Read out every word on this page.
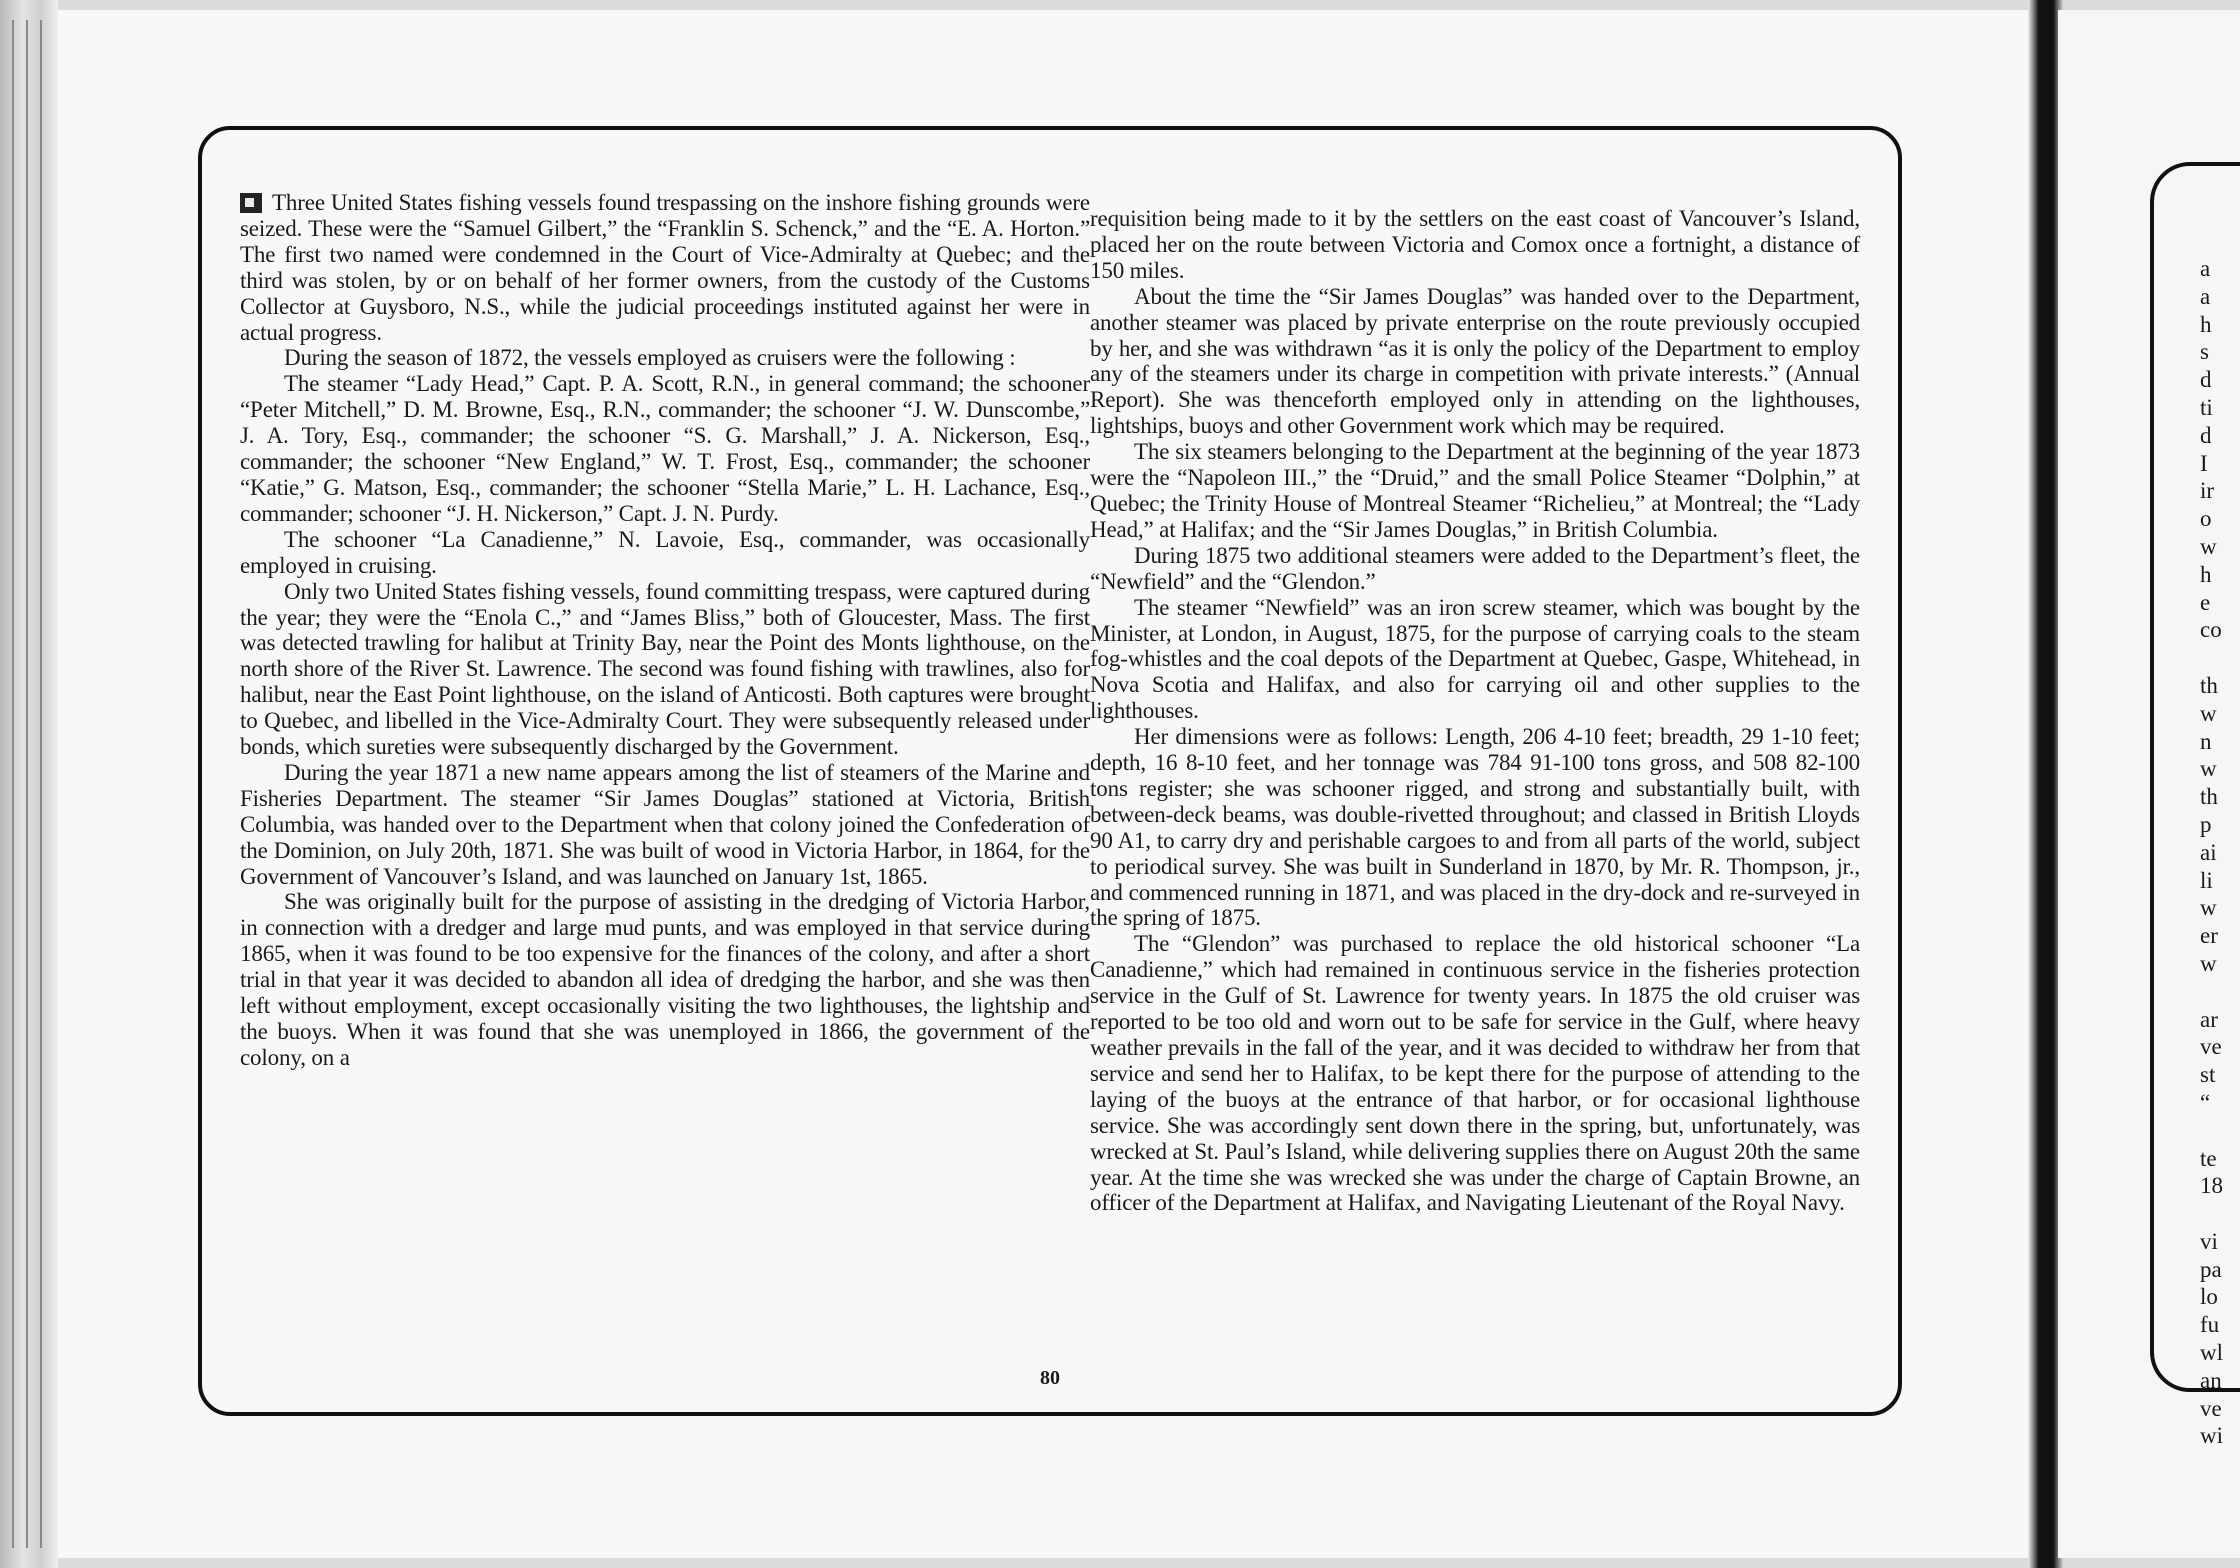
Three United States fishing vessels found trespassing on the inshore fishing grounds were seized. These were the “Samuel Gilbert,” the “Franklin S. Schenck,” and the “E. A. Horton.” The first two named were condemned in the Court of Vice-Admiralty at Quebec; and the third was stolen, by or on behalf of her former owners, from the custody of the Customs Collector at Guysboro, N.S., while the judicial proceedings instituted against her were in actual progress.

During the season of 1872, the vessels employed as cruisers were the following :

The steamer “Lady Head,” Capt. P. A. Scott, R.N., in general command; the schooner “Peter Mitchell,” D. M. Browne, Esq., R.N., commander; the schooner “J. W. Dunscombe,” J. A. Tory, Esq., commander; the schooner “S. G. Marshall,” J. A. Nickerson, Esq., commander; the schooner “New England,” W. T. Frost, Esq., commander; the schooner “Katie,” G. Matson, Esq., commander; the schooner “Stella Marie,” L. H. Lachance, Esq., commander; schooner “J. H. Nickerson,” Capt. J. N. Purdy.

The schooner “La Canadienne,” N. Lavoie, Esq., commander, was occasionally employed in cruising.

Only two United States fishing vessels, found committing trespass, were captured during the year; they were the “Enola C.,” and “James Bliss,” both of Gloucester, Mass. The first was detected trawling for halibut at Trinity Bay, near the Point des Monts lighthouse, on the north shore of the River St. Lawrence. The second was found fishing with trawlines, also for halibut, near the East Point lighthouse, on the island of Anticosti. Both captures were brought to Quebec, and libelled in the Vice-Admiralty Court. They were subsequently released under bonds, which sureties were subsequently discharged by the Government.

During the year 1871 a new name appears among the list of steamers of the Marine and Fisheries Department. The steamer “Sir James Douglas” stationed at Victoria, British Columbia, was handed over to the Department when that colony joined the Confederation of the Dominion, on July 20th, 1871. She was built of wood in Victoria Harbor, in 1864, for the Government of Vancouver’s Island, and was launched on January 1st, 1865.

She was originally built for the purpose of assisting in the dredging of Victoria Harbor, in connection with a dredger and large mud punts, and was employed in that service during 1865, when it was found to be too expensive for the finances of the colony, and after a short trial in that year it was decided to abandon all idea of dredging the harbor, and she was then left without employment, except occasionally visiting the two lighthouses, the lightship and the buoys. When it was found that she was unemployed in 1866, the government of the colony, on a

requisition being made to it by the settlers on the east coast of Vancouver’s Island, placed her on the route between Victoria and Comox once a fortnight, a distance of 150 miles.

About the time the “Sir James Douglas” was handed over to the Department, another steamer was placed by private enterprise on the route previously occupied by her, and she was withdrawn “as it is only the policy of the Department to employ any of the steamers under its charge in competition with private interests.” (Annual Report). She was thenceforth employed only in attending on the lighthouses, lightships, buoys and other Government work which may be required.

The six steamers belonging to the Department at the beginning of the year 1873 were the “Napoleon III.,” the “Druid,” and the small Police Steamer “Dolphin,” at Quebec; the Trinity House of Montreal Steamer “Richelieu,” at Montreal; the “Lady Head,” at Halifax; and the “Sir James Douglas,” in British Columbia.

During 1875 two additional steamers were added to the Department’s fleet, the “Newfield” and the “Glendon.”

The steamer “Newfield” was an iron screw steamer, which was bought by the Minister, at London, in August, 1875, for the purpose of carrying coals to the steam fog-whistles and the coal depots of the Department at Quebec, Gaspe, Whitehead, in Nova Scotia and Halifax, and also for carrying oil and other supplies to the lighthouses.

Her dimensions were as follows: Length, 206 4-10 feet; breadth, 29 1-10 feet; depth, 16 8-10 feet, and her tonnage was 784 91-100 tons gross, and 508 82-100 tons register; she was schooner rigged, and strong and substantially built, with between-deck beams, was double-rivetted throughout; and classed in British Lloyds 90 A1, to carry dry and perishable cargoes to and from all parts of the world, subject to periodical survey. She was built in Sunderland in 1870, by Mr. R. Thompson, jr., and commenced running in 1871, and was placed in the dry-dock and re-surveyed in the spring of 1875.

The “Glendon” was purchased to replace the old historical schooner “La Canadienne,” which had remained in continuous service in the fisheries protection service in the Gulf of St. Lawrence for twenty years. In 1875 the old cruiser was reported to be too old and worn out to be safe for service in the Gulf, where heavy weather prevails in the fall of the year, and it was decided to withdraw her from that service and send her to Halifax, to be kept there for the purpose of attending to the laying of the buoys at the entrance of that harbor, or for occasional lighthouse service. She was accordingly sent down there in the spring, but, unfortunately, was wrecked at St. Paul’s Island, while delivering supplies there on August 20th the same year. At the time she was wrecked she was under the charge of Captain Browne, an officer of the Department at Halifax, and Navigating Lieutenant of the Royal Navy.

80
a
a
h
s
d
ti
d
I
ir
o
w
h
e
co
th
w
n
w
th
p
ai
li
w
er
w
ar
ve
st
“
te
18
vi
pa
lo
fu
wl
an
ve
wi
